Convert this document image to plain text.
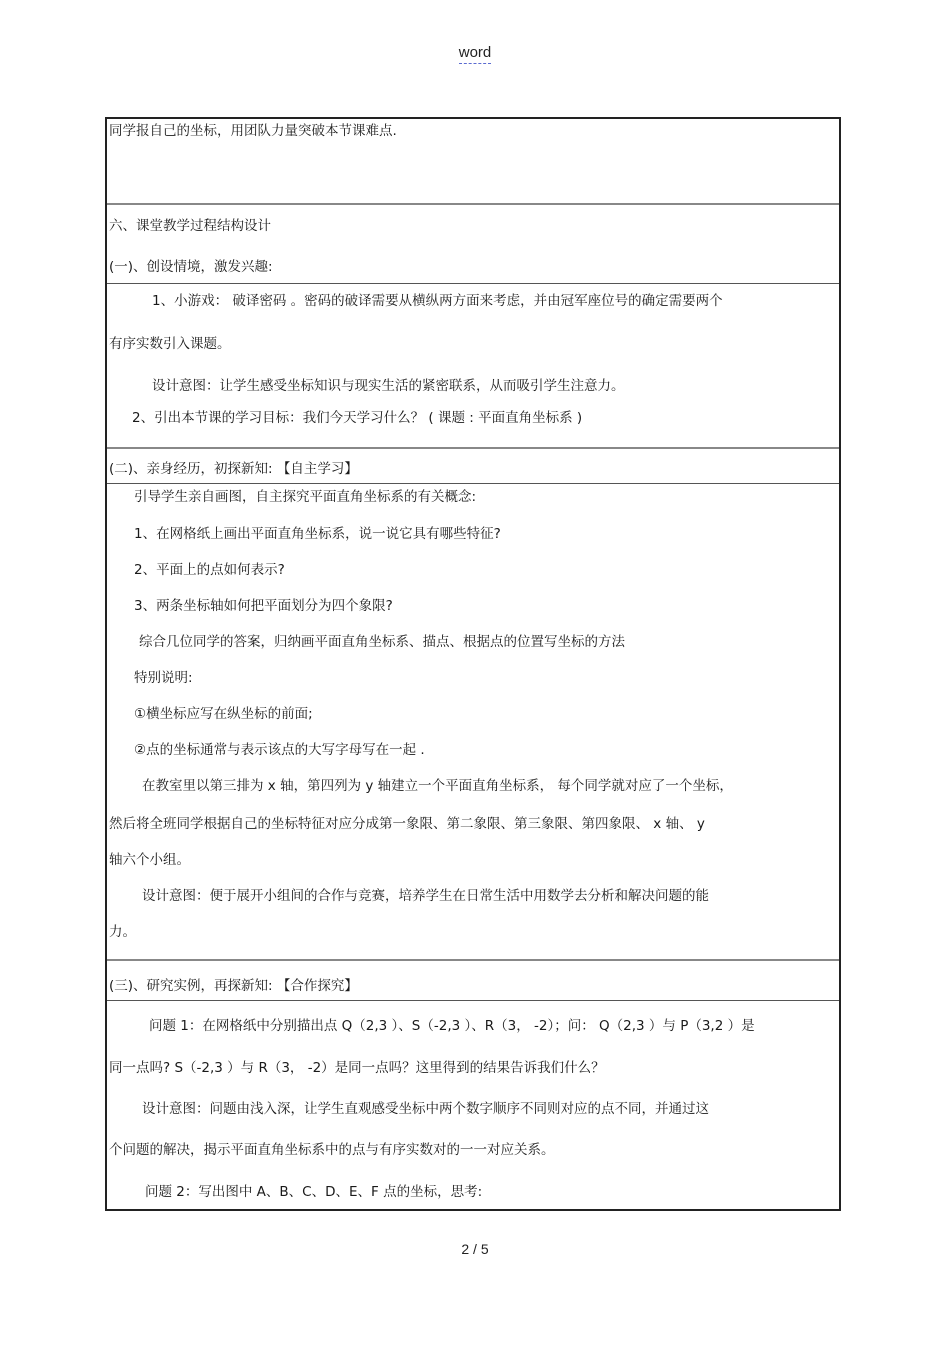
word
同学报自己的坐标，用团队力量突破本节课难点.
六、课堂教学过程结构设计
(一)、创设情境，激发兴趣:
1、小游戏： 破译密码 。密码的破译需要从横纵两方面来考虑，并由冠军座位号的确定需要两个
有序实数引入课题。
设计意图：让学生感受坐标知识与现实生活的紧密联系，从而吸引学生注意力。
2、引出本节课的学习目标：我们今天学习什么？ ( 课题 : 平面直角坐标系 )
(二)、亲身经历，初探新知: 【自主学习】
引导学生亲自画图，自主探究平面直角坐标系的有关概念:
1、在网格纸上画出平面直角坐标系，说一说它具有哪些特征?
2、平面上的点如何表示?
3、两条坐标轴如何把平面划分为四个象限?
综合几位同学的答案，归纳画平面直角坐标系、描点、根据点的位置写坐标的方法
特别说明:
①横坐标应写在纵坐标的前面;
②点的坐标通常与表示该点的大写字母写在一起 .
在教室里以第三排为 x 轴，第四列为 y 轴建立一个平面直角坐标系， 每个同学就对应了一个坐标，
然后将全班同学根据自己的坐标特征对应分成第一象限、第二象限、第三象限、第四象限、 x 轴、 y
轴六个小组。
设计意图：便于展开小组间的合作与竞赛，培养学生在日常生活中用数学去分析和解决问题的能
力。
(三)、研究实例，再探新知: 【合作探究】
问题 1：在网格纸中分别描出点 Q（2,3 ）、S（-2,3 ）、R（3， -2）；问： Q（2,3 ）与 P（3,2 ）是
同一点吗? S（-2,3 ）与 R（3， -2）是同一点吗？这里得到的结果告诉我们什么？
设计意图：问题由浅入深，让学生直观感受坐标中两个数字顺序不同则对应的点不同，并通过这
个问题的解决，揭示平面直角坐标系中的点与有序实数对的一一对应关系。
问题 2：写出图中 A、B、C、D、E、F 点的坐标，思考:
2 / 5
